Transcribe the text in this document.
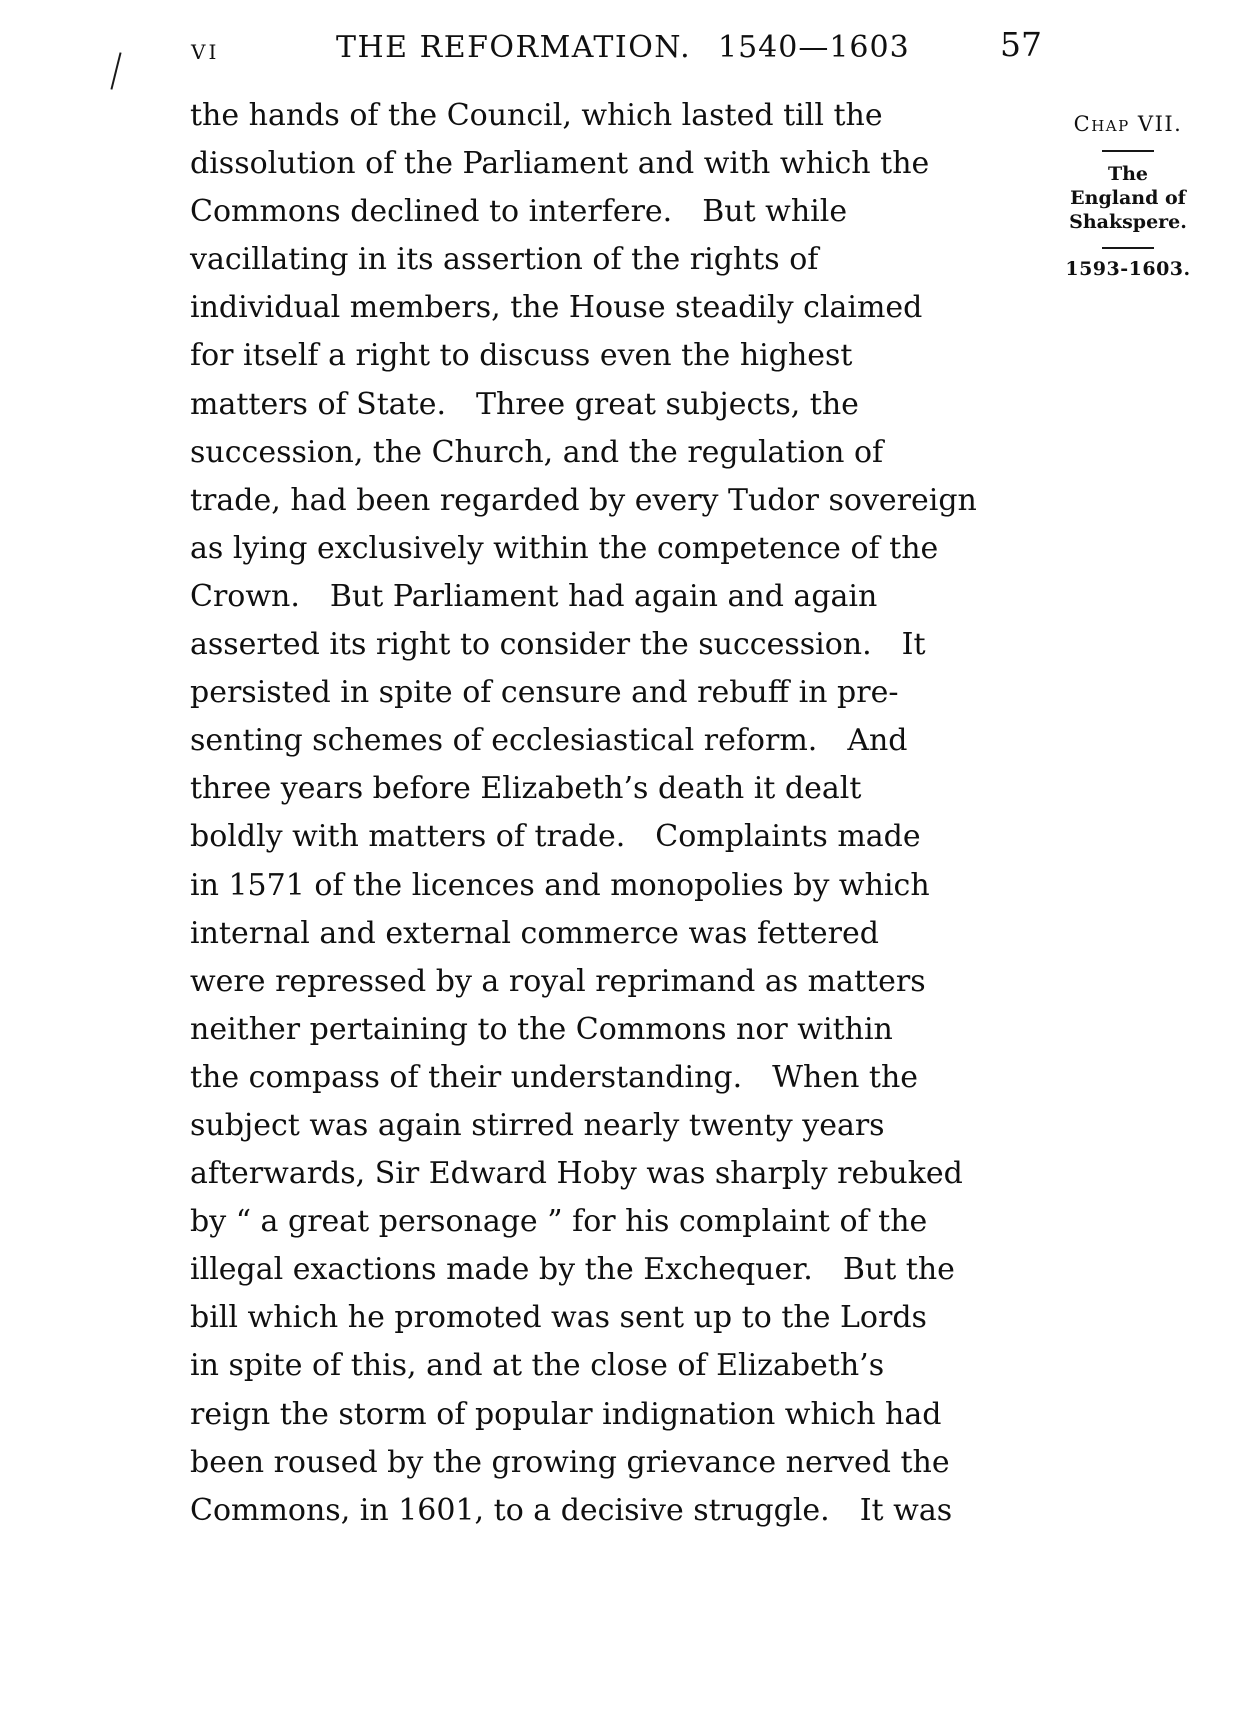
VI	THE REFORMATION. 1540—1603	57
the hands of the Council, which lasted till the
dissolution of the Parliament and with which the
Commons declined to interfere. But while
vacillating in its assertion of the rights of
individual members, the House steadily claimed
for itself a right to discuss even the highest
matters of State. Three great subjects, the
succession, the Church, and the regulation of
trade, had been regarded by every Tudor sovereign
as lying exclusively within the competence of the
Crown. But Parliament had again and again
asserted its right to consider the succession. It
persisted in spite of censure and rebuff in pre-
senting schemes of ecclesiastical reform. And
three years before Elizabeth’s death it dealt
boldly with matters of trade. Complaints made
in 1571 of the licences and monopolies by which
internal and external commerce was fettered
were repressed by a royal reprimand as matters
neither pertaining to the Commons nor within
the compass of their understanding. When the
subject was again stirred nearly twenty years
afterwards, Sir Edward Hoby was sharply rebuked
by “ a great personage ” for his complaint of the
illegal exactions made by the Exchequer. But the
bill which he promoted was sent up to the Lords
in spite of this, and at the close of Elizabeth’s
reign the storm of popular indignation which had
been roused by the growing grievance nerved the
Commons, in 1601, to a decisive struggle. It was
Chap VII.
The
England of
Shakspere.
1593-1603.
